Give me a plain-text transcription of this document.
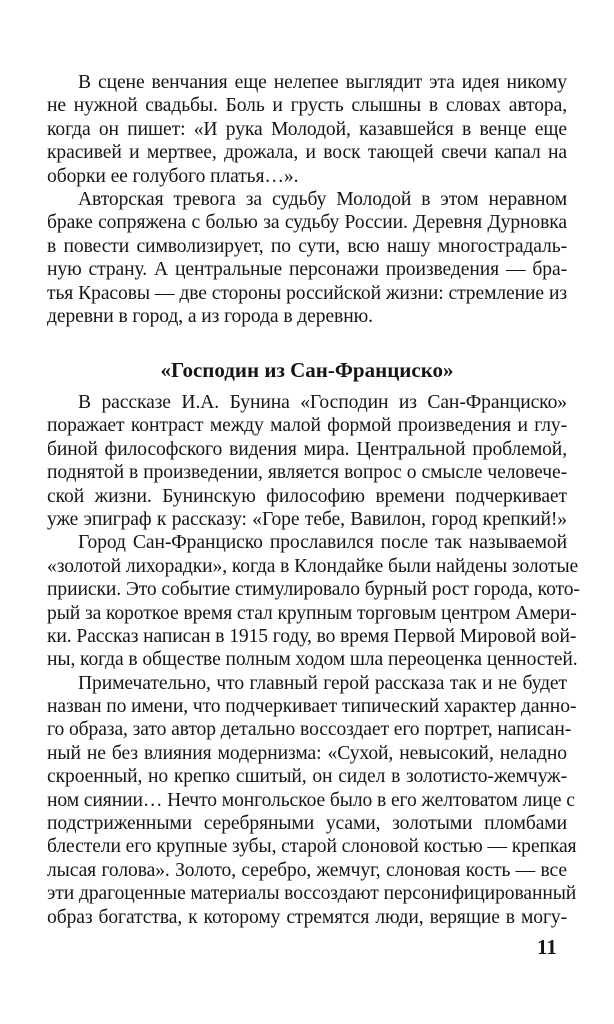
В сцене венчания еще нелепее выглядит эта идея никому
не нужной свадьбы. Боль и грусть слышны в словах автора,
когда он пишет: «И рука Молодой, казавшейся в венце еще
красивей и мертвее, дрожала, и воск тающей свечи капал на
оборки ее голубого платья…».
Авторская тревога за судьбу Молодой в этом неравном
браке сопряжена с болью за судьбу России. Деревня Дурновка
в повести символизирует, по сути, всю нашу многострадаль-
ную страну. А центральные персонажи произведения — бра-
тья Красовы — две стороны российской жизни: стремление из
деревни в город, а из города в деревню.
«Господин из Сан-Франциско»
В рассказе И.А. Бунина «Господин из Сан-Франциско»
поражает контраст между малой формой произведения и глу-
биной философского видения мира. Центральной проблемой,
поднятой в произведении, является вопрос о смысле человече-
ской жизни. Бунинскую философию времени подчеркивает
уже эпиграф к рассказу: «Горе тебе, Вавилон, город крепкий!»
Город Сан-Франциско прославился после так называемой
«золотой лихорадки», когда в Клондайке были найдены золотые
прииски. Это событие стимулировало бурный рост города, кото-
рый за короткое время стал крупным торговым центром Амери-
ки. Рассказ написан в 1915 году, во время Первой Мировой вой-
ны, когда в обществе полным ходом шла переоценка ценностей.
Примечательно, что главный герой рассказа так и не будет
назван по имени, что подчеркивает типический характер данно-
го образа, зато автор детально воссоздает его портрет, написан-
ный не без влияния модернизма: «Сухой, невысокий, неладно
скроенный, но крепко сшитый, он сидел в золотисто-жемчуж-
ном сиянии… Нечто монгольское было в его желтоватом лице с
подстриженными серебряными усами, золотыми пломбами
блестели его крупные зубы, старой слоновой костью — крепкая
лысая голова». Золото, серебро, жемчуг, слоновая кость — все
эти драгоценные материалы воссоздают персонифицированный
образ богатства, к которому стремятся люди, верящие в могу-
11
